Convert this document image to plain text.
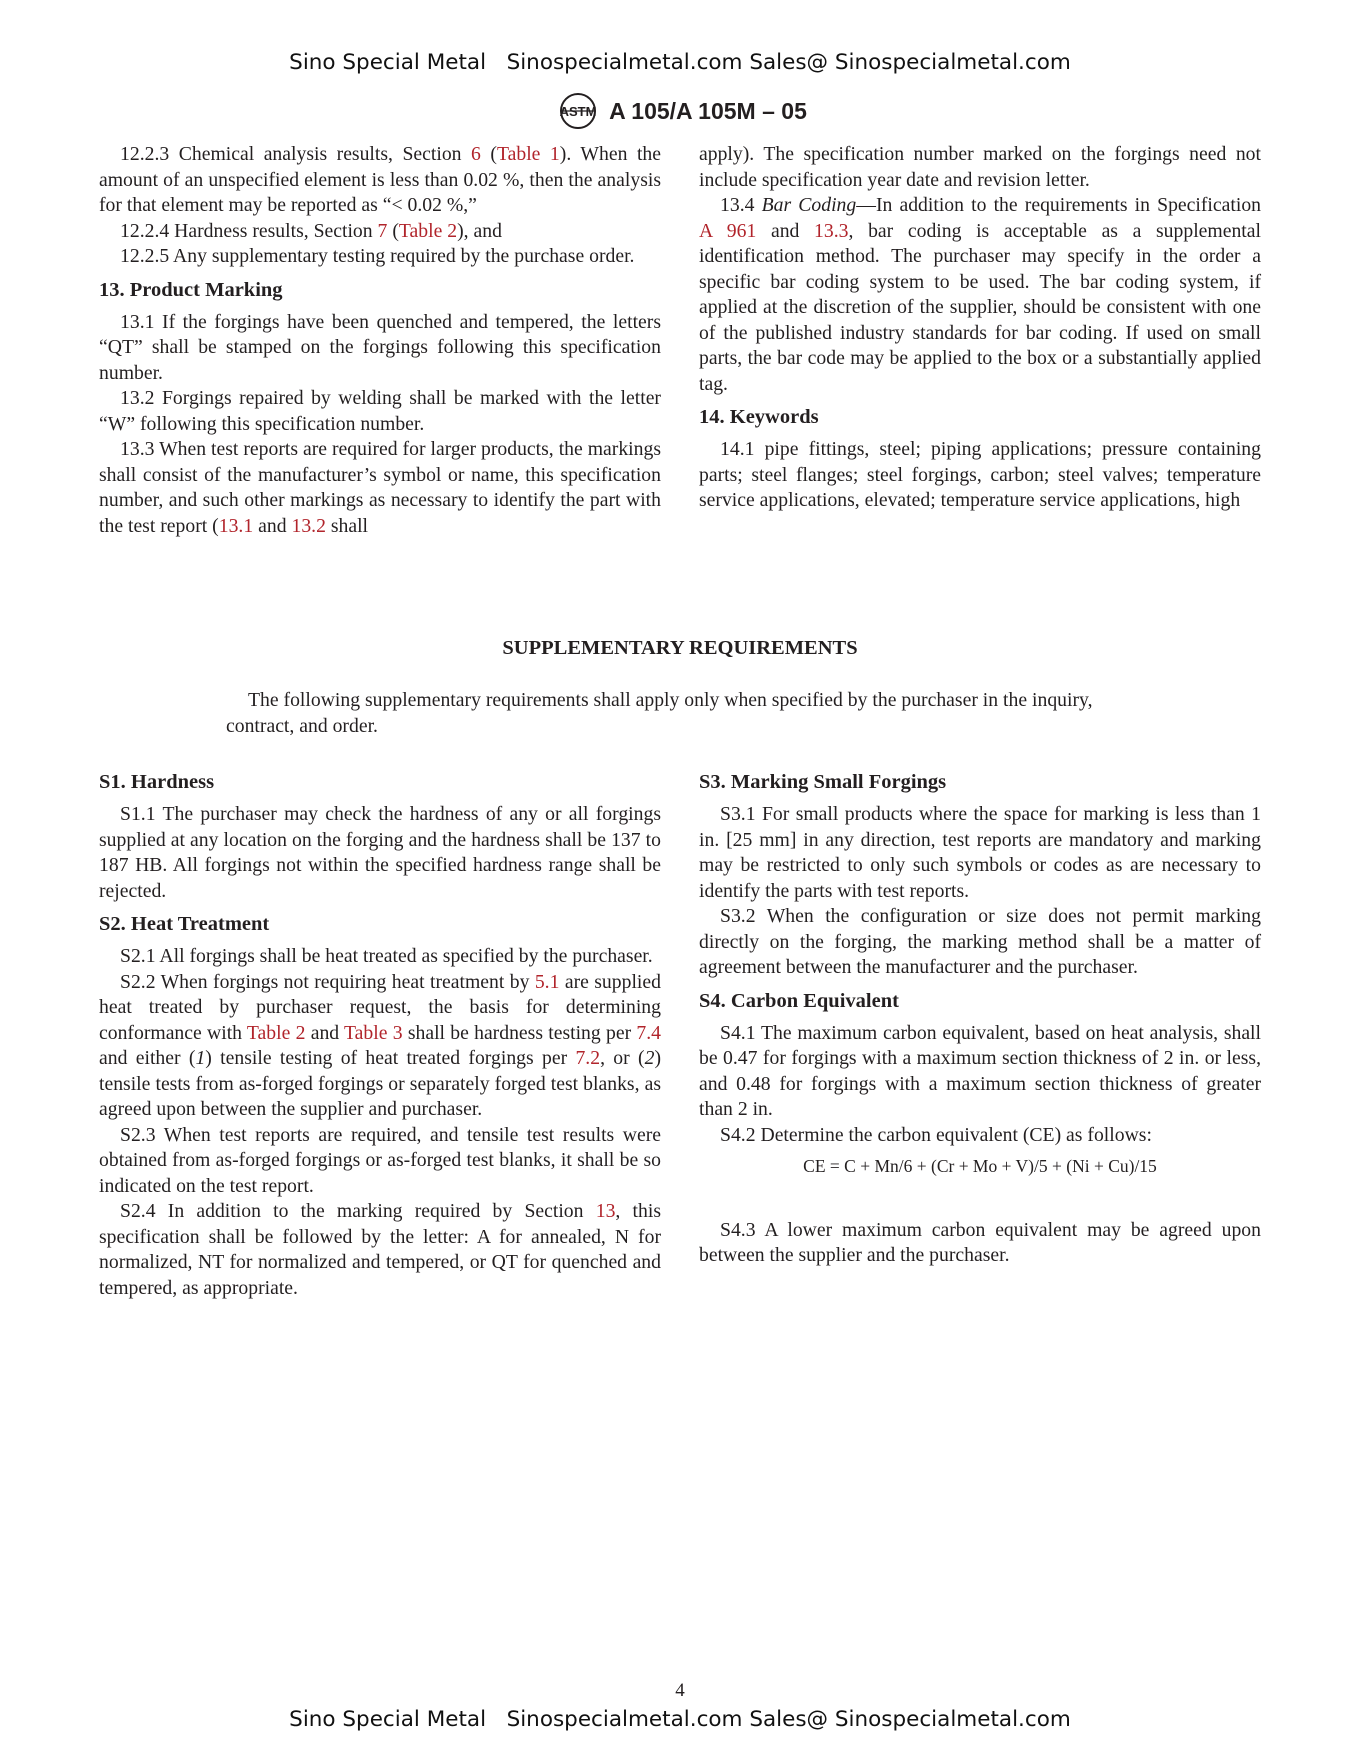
Sino Special Metal   Sinospecialmetal.com Sales@ Sinospecialmetal.com
ASTM A 105/A 105M – 05

12.2.3 Chemical analysis results, Section 6 (Table 1). When the amount of an unspecified element is less than 0.02 %, then the analysis for that element may be reported as “< 0.02 %,”

12.2.4 Hardness results, Section 7 (Table 2), and

12.2.5 Any supplementary testing required by the purchase order.

13. Product Marking

13.1 If the forgings have been quenched and tempered, the letters “QT” shall be stamped on the forgings following this specification number.

13.2 Forgings repaired by welding shall be marked with the letter “W” following this specification number.

13.3 When test reports are required for larger products, the markings shall consist of the manufacturer’s symbol or name, this specification number, and such other markings as necessary to identify the part with the test report (13.1 and 13.2 shall

apply). The specification number marked on the forgings need not include specification year date and revision letter.

13.4 Bar Coding—In addition to the requirements in Specification A 961 and 13.3, bar coding is acceptable as a supplemental identification method. The purchaser may specify in the order a specific bar coding system to be used. The bar coding system, if applied at the discretion of the supplier, should be consistent with one of the published industry standards for bar coding. If used on small parts, the bar code may be applied to the box or a substantially applied tag.

14. Keywords

14.1 pipe fittings, steel; piping applications; pressure containing parts; steel flanges; steel forgings, carbon; steel valves; temperature service applications, elevated; temperature service applications, high

SUPPLEMENTARY REQUIREMENTS
The following supplementary requirements shall apply only when specified by the purchaser in the inquiry, contract, and order.
S1. Hardness

S1.1 The purchaser may check the hardness of any or all forgings supplied at any location on the forging and the hardness shall be 137 to 187 HB. All forgings not within the specified hardness range shall be rejected.

S2. Heat Treatment

S2.1 All forgings shall be heat treated as specified by the purchaser.

S2.2 When forgings not requiring heat treatment by 5.1 are supplied heat treated by purchaser request, the basis for determining conformance with Table 2 and Table 3 shall be hardness testing per 7.4 and either (1) tensile testing of heat treated forgings per 7.2, or (2) tensile tests from as-forged forgings or separately forged test blanks, as agreed upon between the supplier and purchaser.

S2.3 When test reports are required, and tensile test results were obtained from as-forged forgings or as-forged test blanks, it shall be so indicated on the test report.

S2.4 In addition to the marking required by Section 13, this specification shall be followed by the letter: A for annealed, N for normalized, NT for normalized and tempered, or QT for quenched and tempered, as appropriate.

S3. Marking Small Forgings

S3.1 For small products where the space for marking is less than 1 in. [25 mm] in any direction, test reports are mandatory and marking may be restricted to only such symbols or codes as are necessary to identify the parts with test reports.

S3.2 When the configuration or size does not permit marking directly on the forging, the marking method shall be a matter of agreement between the manufacturer and the purchaser.

S4. Carbon Equivalent

S4.1 The maximum carbon equivalent, based on heat analysis, shall be 0.47 for forgings with a maximum section thickness of 2 in. or less, and 0.48 for forgings with a maximum section thickness of greater than 2 in.

S4.2 Determine the carbon equivalent (CE) as follows:

CE = C + Mn/6 + (Cr + Mo + V)/5 + (Ni + Cu)/15

S4.3 A lower maximum carbon equivalent may be agreed upon between the supplier and the purchaser.

4
Sino Special Metal   Sinospecialmetal.com Sales@ Sinospecialmetal.com
